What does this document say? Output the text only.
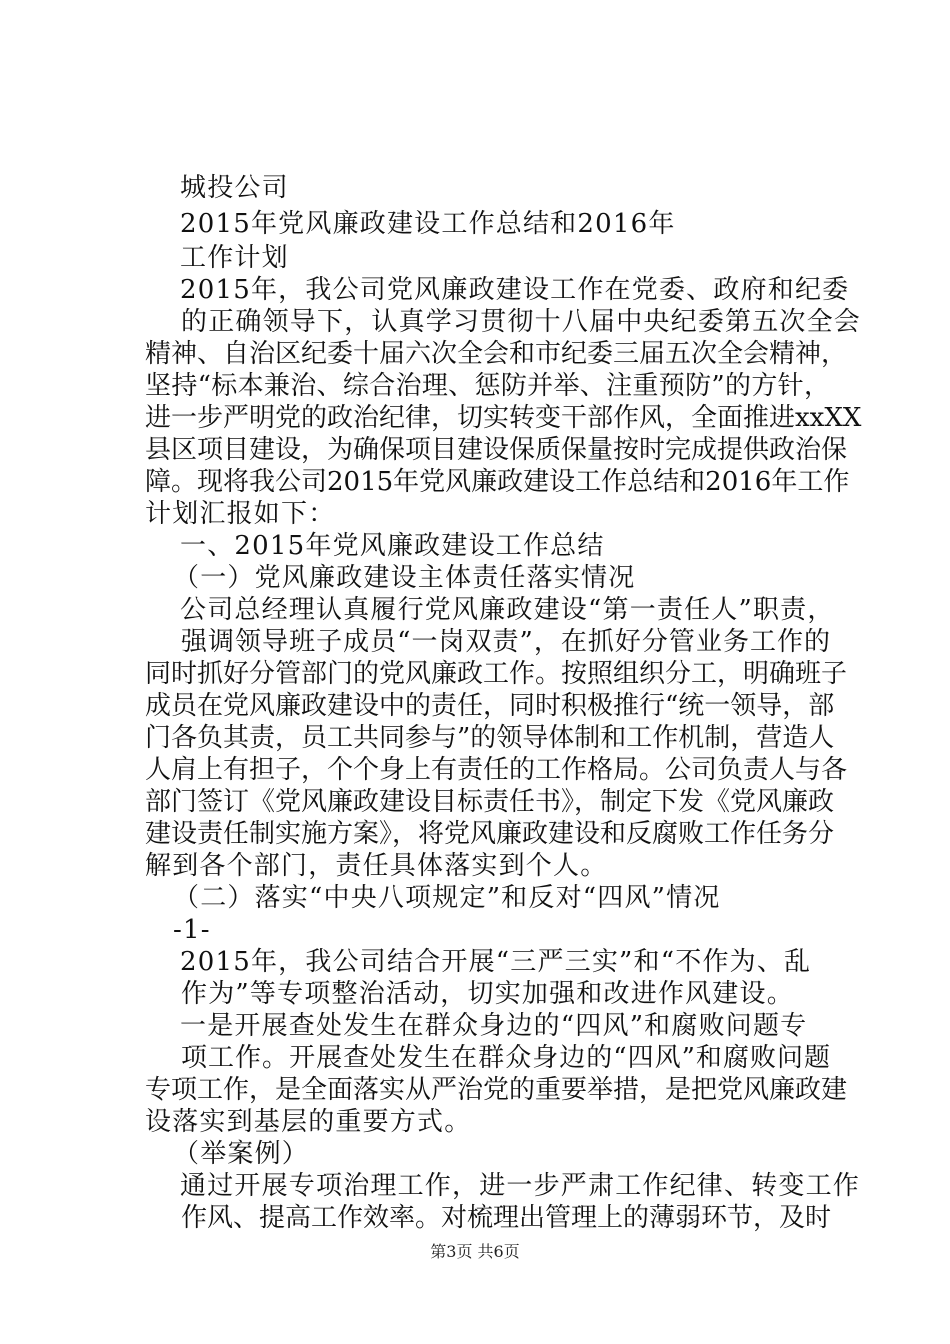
城投公司
2015年党风廉政建设工作总结和2016年
工作计划
2015年，我公司党风廉政建设工作在党委、政府和纪委
的正确领导下，认真学习贯彻十八届中央纪委第五次全会
精神、自治区纪委十届六次全会和市纪委三届五次全会精神，
坚持“标本兼治、综合治理、惩防并举、注重预防”的方针，
进一步严明党的政治纪律，切实转变干部作风，全面推进xxXX
县区项目建设，为确保项目建设保质保量按时完成提供政治保
障。现将我公司2015年党风廉政建设工作总结和2016年工作
计划汇报如下：
一、2015年党风廉政建设工作总结
（一）党风廉政建设主体责任落实情况
公司总经理认真履行党风廉政建设“第一责任人”职责，
强调领导班子成员“一岗双责”，在抓好分管业务工作的
同时抓好分管部门的党风廉政工作。按照组织分工，明确班子
成员在党风廉政建设中的责任，同时积极推行“统一领导，部
门各负其责，员工共同参与”的领导体制和工作机制，营造人
人肩上有担子，个个身上有责任的工作格局。公司负责人与各
部门签订《党风廉政建设目标责任书》，制定下发《党风廉政
建设责任制实施方案》，将党风廉政建设和反腐败工作任务分
解到各个部门，责任具体落实到个人。
（二）落实“中央八项规定”和反对“四风”情况
-1-
2015年，我公司结合开展“三严三实”和“不作为、乱
作为”等专项整治活动，切实加强和改进作风建设。
一是开展查处发生在群众身边的“四风”和腐败问题专
项工作。开展查处发生在群众身边的“四风”和腐败问题
专项工作，是全面落实从严治党的重要举措，是把党风廉政建
设落实到基层的重要方式。
（举案例）
通过开展专项治理工作，进一步严肃工作纪律、转变工作
作风、提高工作效率。对梳理出管理上的薄弱环节，及时
第3页 共6页
